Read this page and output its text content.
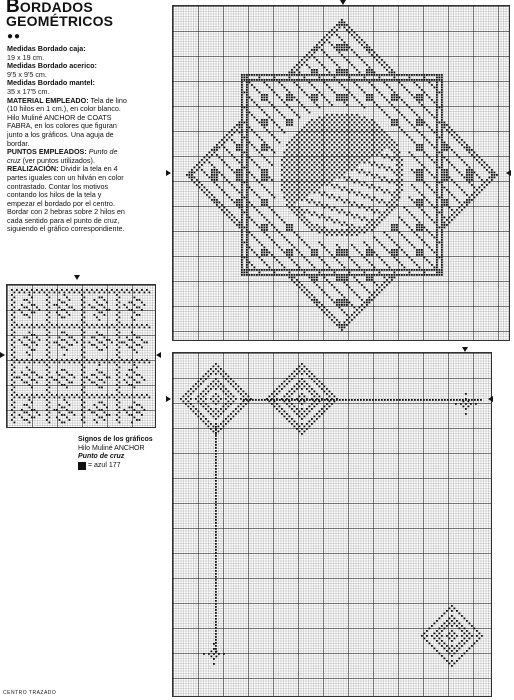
BORDADOS
GEOMÉTRICOS
●●
Medidas Bordado caja:
19 x 19 cm.
Medidas Bordado acerico:
9'5 x 9'5 cm.
Medidas Bordado mantel:
35 x 17'5 cm.

MATERIAL EMPLEADO: Tela de lino (10 hilos en 1 cm.), en color blanco. Hilo Muliné ANCHOR de COATS FABRA, en los colores que figuran junto a los gráficos. Una aguja de bordar.

PUNTOS EMPLEADOS: Punto de cruz (ver puntos utilizados).

REALIZACIÓN: Dividir la tela en 4 partes iguales con un hilván en color contrastado. Contar los motivos contando los hilos de la tela y empezar el bordado por el centro. Bordar con 2 hebras sobre 2 hilos en cada sentido para el punto de cruz, siguiendo el gráfico correspondiente.

Signos de los gráficos
Hilo Muliné ANCHOR
Punto de cruz
= azul 177
CENTRO TRAZADO
